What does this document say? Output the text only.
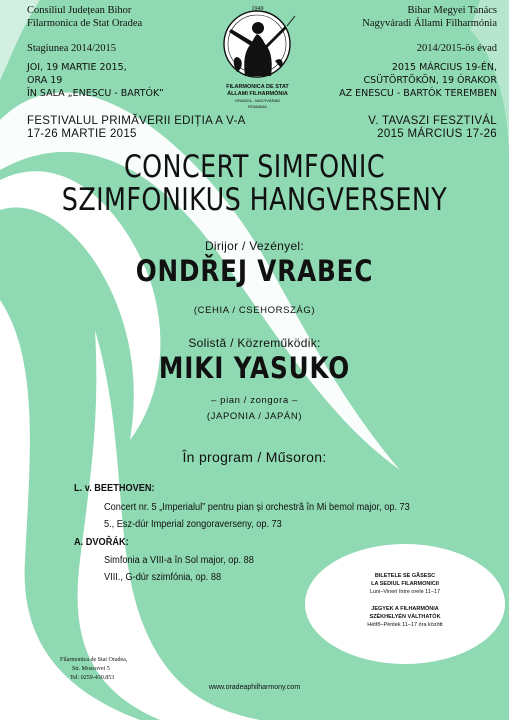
Consiliul Județean Bihor
Filarmonica de Stat Oradea
Stagiunea 2014/2015
JOI, 19 MARTIE 2015,
ORA 19
ÎN SALA „ENESCU - BARTÓK”
FESTIVALUL PRIMĂVERII EDIȚIA A V-A
17-26 MARTIE 2015
Bihar Megyei Tanács
Nagyváradi Állami Filharmónia
2014/2015-ös évad
2015 MÁRCIUS 19-ÉN,
CSÜTÖRTÖKÖN, 19 ÓRAKOR
AZ ENESCU - BARTÓK TEREMBEN
V. TAVASZI FESZTIVÁL
2015 MÁRCIUS 17-26
1949
FILARMONICA DE STAT
ÁLLAMI FILHARMÓNIA
ORADEA - NAGYVÁRAD
ROMANIA
CONCERT SIMFONIC
SZIMFONIKUS HANGVERSENY
Dirijor / Vezényel:
ONDŘEJ VRABEC
(CEHIA / CSEHORSZÁG)
Solistă / Közreműködik:
MIKI YASUKO
– pian / zongora –
(JAPONIA / JAPÁN)
În program / Műsoron:
L. v. BEETHOVEN:
Concert nr. 5 „Imperialul” pentru pian și orchestră în Mi bemol major, op. 73
5., Esz-dúr Imperial zongoraverseny, op. 73
A. DVOŘÁK:
Simfonia a VIII-a în Sol major, op. 88
VIII., G-dúr szimfónia, op. 88	BILETELE SE GĂSESC
LA SEDIUL FILARMONICII
Luni–Vineri între orele 11–17
JEGYEK A FILHARMÓNIA
SZÉKHELYÉN VÁLTHATÓK
Hétfő–Péntek 11–17 óra között
Filarmonica de Stat Oradea,
Str. Moscovei 5
Tel: 0259-430.853
www.oradeaphilharmony.com
